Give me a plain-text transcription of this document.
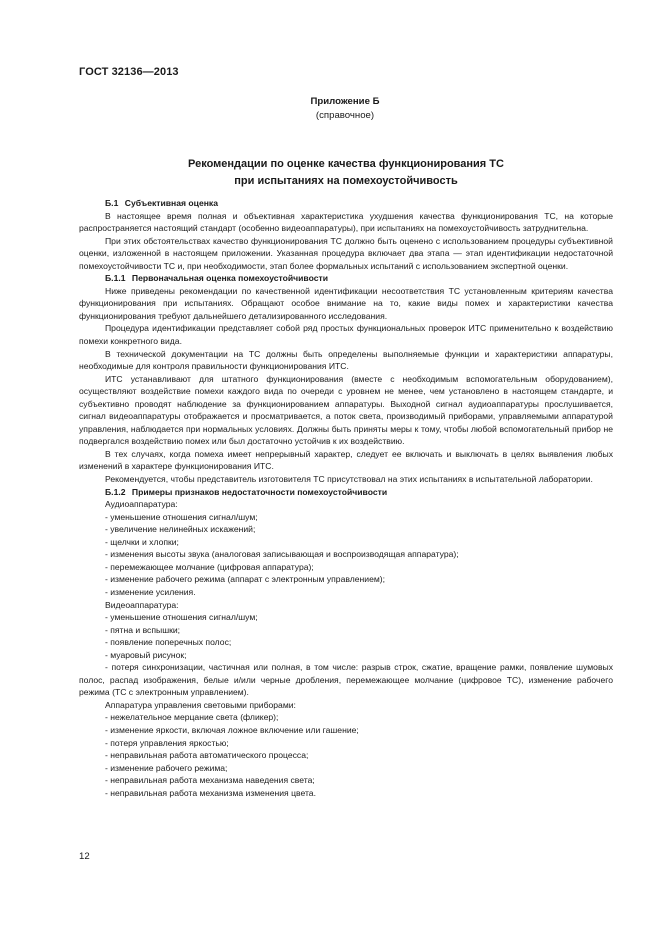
ГОСТ 32136—2013
Приложение Б
(справочное)
Рекомендации по оценке качества функционирования ТС
при испытаниях на помехоустойчивость
Б.1 Субъективная оценка

В настоящее время полная и объективная характеристика ухудшения качества функционирования ТС, на которые распространяется настоящий стандарт (особенно видеоаппаратуры), при испытаниях на помехоустойчивость затруднительна.

При этих обстоятельствах качество функционирования ТС должно быть оценено с использованием процедуры субъективной оценки, изложенной в настоящем приложении. Указанная процедура включает два этапа — этап идентификации недостаточной помехоустойчивости ТС и, при необходимости, этап более формальных испытаний с использованием экспертной оценки.

Б.1.1 Первоначальная оценка помехоустойчивости

Ниже приведены рекомендации по качественной идентификации несоответствия ТС установленным критериям качества функционирования при испытаниях. Обращают особое внимание на то, какие виды помех и характеристики качества функционирования требуют дальнейшего детализированного исследования.

Процедура идентификации представляет собой ряд простых функциональных проверок ИТС применительно к воздействию помехи конкретного вида.

В технической документации на ТС должны быть определены выполняемые функции и характеристики аппаратуры, необходимые для контроля правильности функционирования ИТС.

ИТС устанавливают для штатного функционирования (вместе с необходимым вспомогательным оборудованием), осуществляют воздействие помехи каждого вида по очереди с уровнем не менее, чем установлено в настоящем стандарте, и субъективно проводят наблюдение за функционированием аппаратуры. Выходной сигнал аудиоаппаратуры прослушивается, сигнал видеоаппаратуры отображается и просматривается, а поток света, производимый приборами, управляемыми аппаратурой управления, наблюдается при нормальных условиях. Должны быть приняты меры к тому, чтобы любой вспомогательный прибор не подвергался воздействию помех или был достаточно устойчив к их воздействию.

В тех случаях, когда помеха имеет непрерывный характер, следует ее включать и выключать в целях выявления любых изменений в характере функционирования ИТС.

Рекомендуется, чтобы представитель изготовителя ТС присутствовал на этих испытаниях в испытательной лаборатории.

Б.1.2 Примеры признаков недостаточности помехоустойчивости
Аудиоаппаратура:
- уменьшение отношения сигнал/шум;
- увеличение нелинейных искажений;
- щелчки и хлопки;
- изменения высоты звука (аналоговая записывающая и воспроизводящая аппаратура);
- перемежающее молчание (цифровая аппаратура);
- изменение рабочего режима (аппарат с электронным управлением);
- изменение усиления.
Видеоаппаратура:
- уменьшение отношения сигнал/шум;
- пятна и вспышки;
- появление поперечных полос;
- муаровый рисунок;
- потеря синхронизации, частичная или полная, в том числе: разрыв строк, сжатие, вращение рамки, появление шумовых полос, распад изображения, белые и/или черные дробления, перемежающее молчание (цифровое ТС), изменение рабочего режима (ТС с электронным управлением).
Аппаратура управления световыми приборами:
- нежелательное мерцание света (фликер);
- изменение яркости, включая ложное включение или гашение;
- потеря управления яркостью;
- неправильная работа автоматического процесса;
- изменение рабочего режима;
- неправильная работа механизма наведения света;
- неправильная работа механизма изменения цвета.
12
